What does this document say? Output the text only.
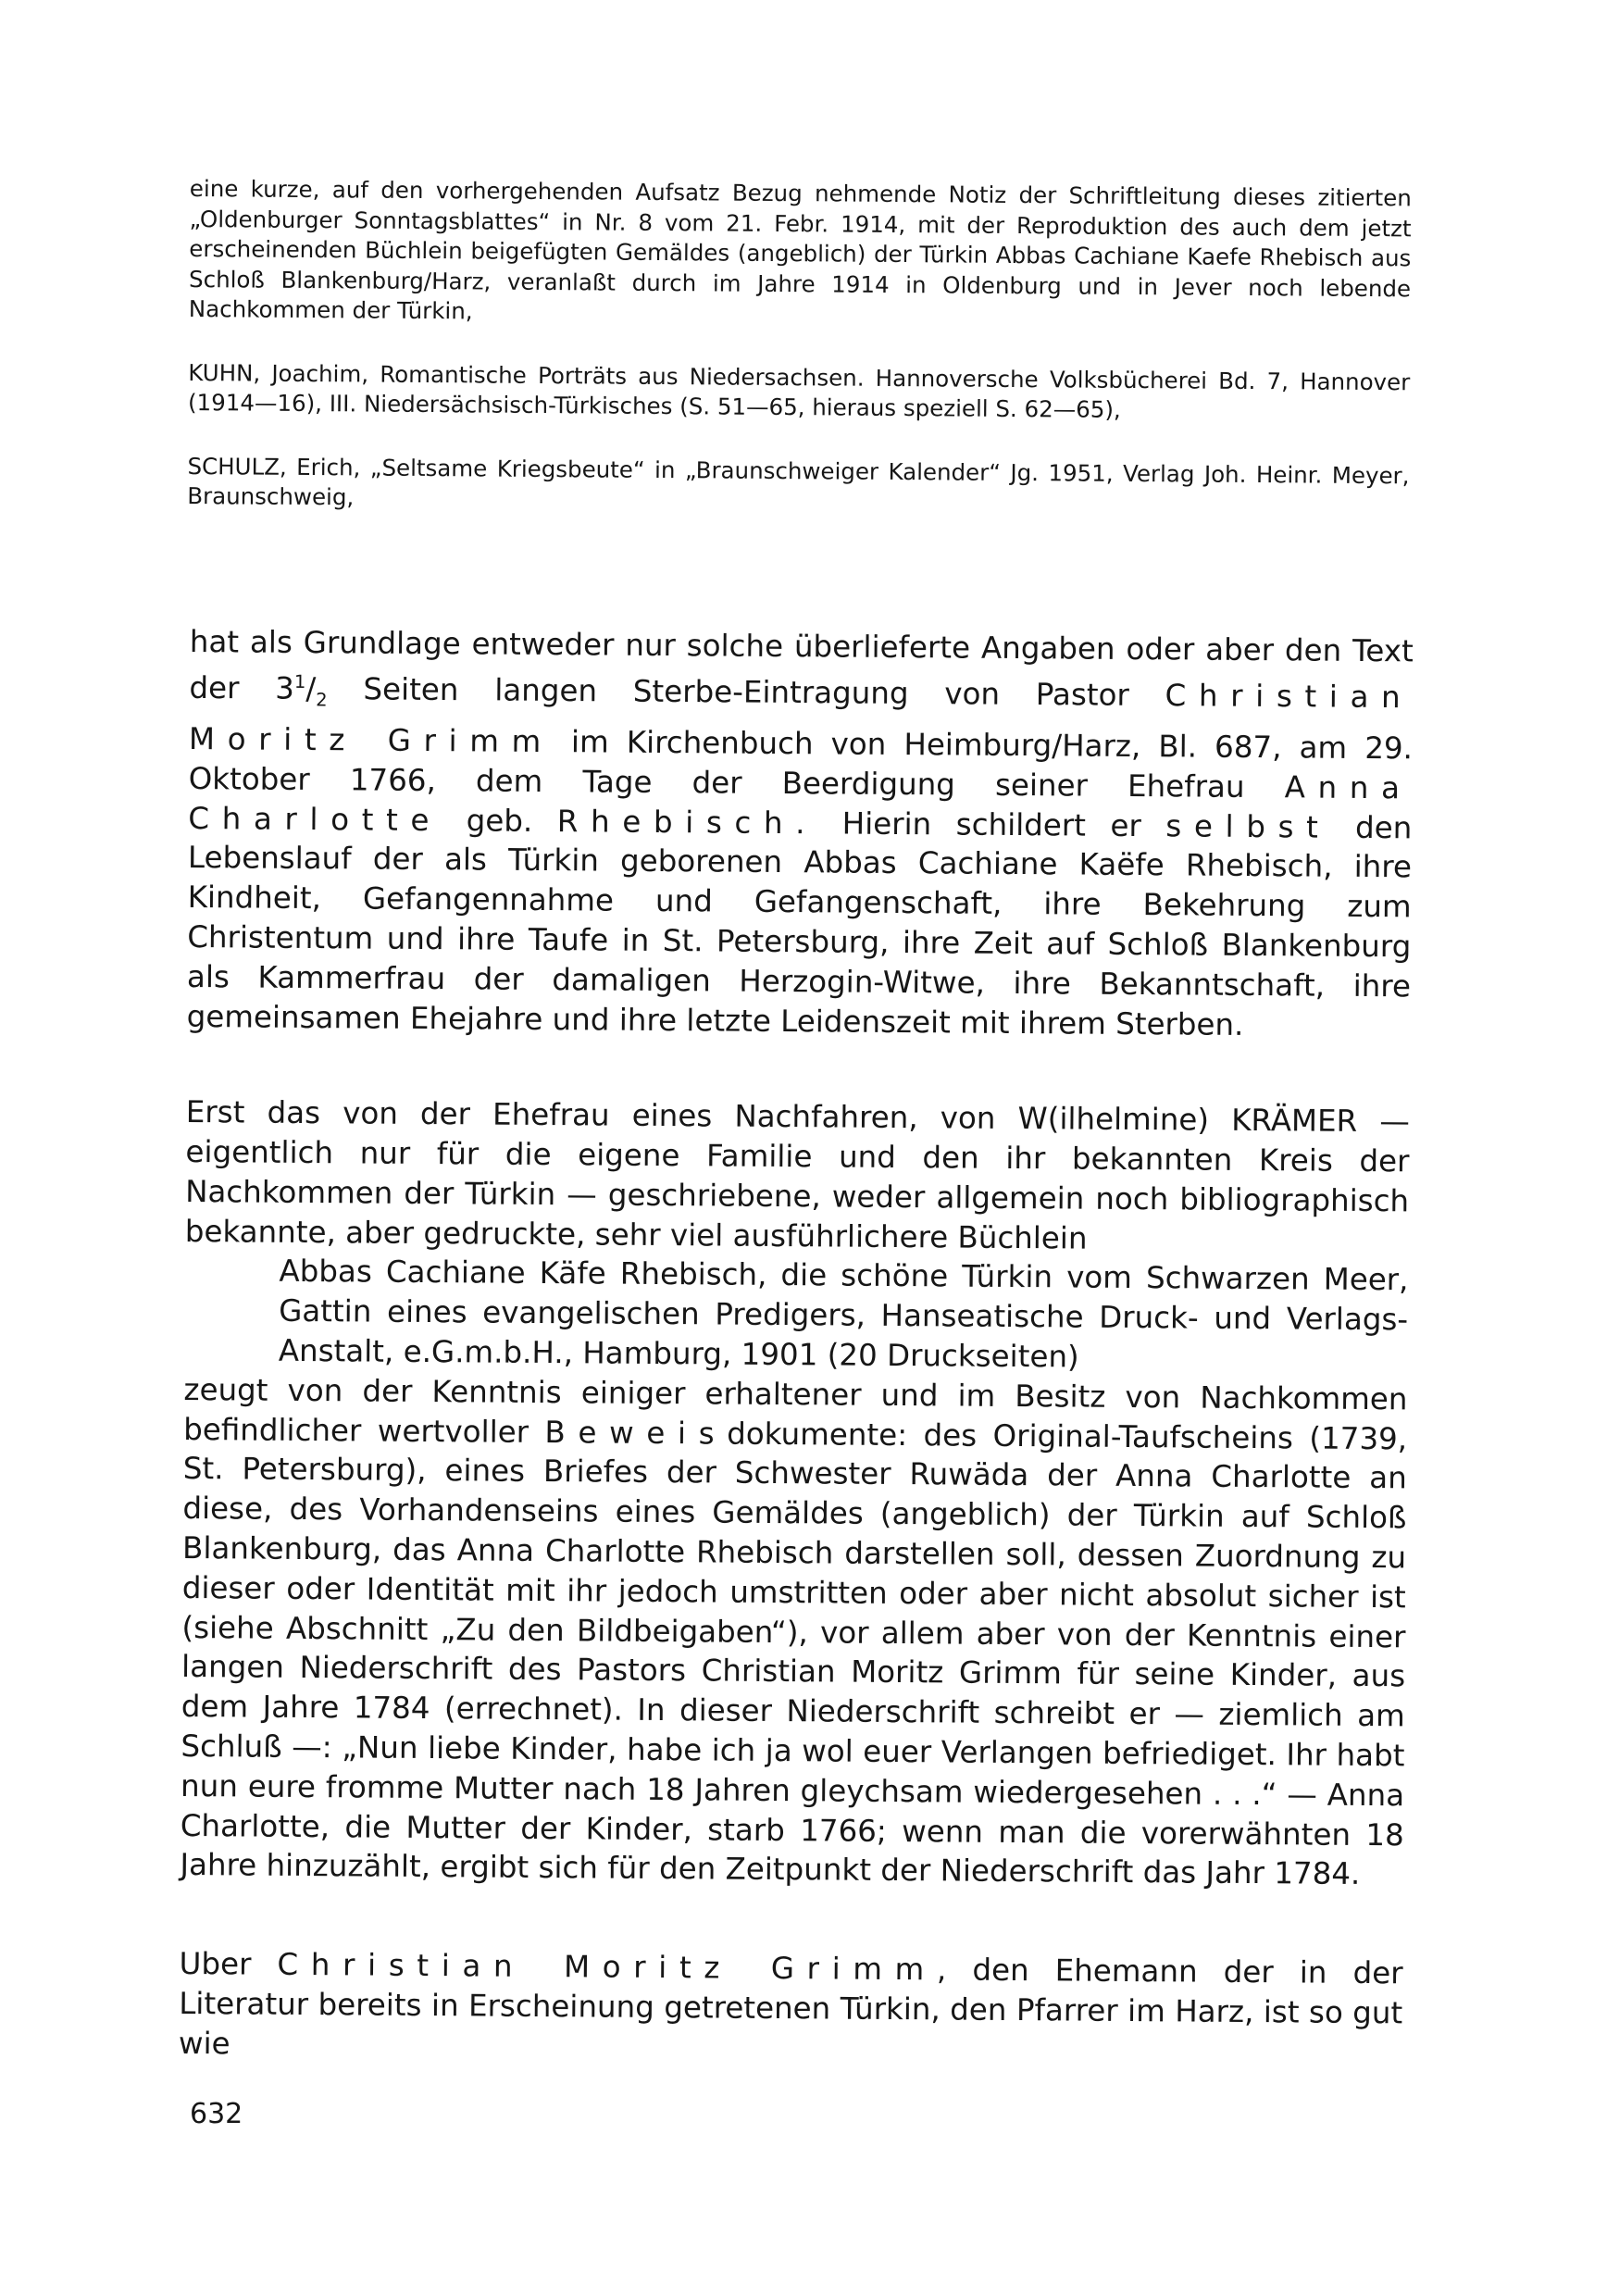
eine kurze, auf den vorhergehenden Aufsatz Bezug nehmende Notiz der Schriftleitung dieses zitierten „Oldenburger Sonntagsblattes“ in Nr. 8 vom 21. Febr. 1914, mit der Reproduktion des auch dem jetzt erscheinenden Büchlein beigefügten Gemäldes (angeblich) der Türkin Abbas Cachiane Kaefe Rhebisch aus Schloß Blankenburg/Harz, veranlaßt durch im Jahre 1914 in Oldenburg und in Jever noch lebende Nachkommen der Türkin,

KUHN, Joachim, Romantische Porträts aus Niedersachsen. Hannoversche Volksbücherei Bd. 7, Hannover (1914—16), III. Niedersächsisch-Türkisches (S. 51—65, hieraus speziell S. 62—65),

SCHULZ, Erich, „Seltsame Kriegsbeute“ in „Braunschweiger Kalender“ Jg. 1951, Verlag Joh. Heinr. Meyer, Braunschweig,

hat als Grundlage entweder nur solche überlieferte Angaben oder aber den Text der $3^1/_2$ Seiten langen Sterbe-Eintragung von Pastor Christian Moritz Grimm im Kirchenbuch von Heimburg/Harz, Bl. 687, am 29. Oktober 1766, dem Tage der Beerdigung seiner Ehefrau Anna Charlotte geb. Rhebisch. Hierin schildert er selbst den Lebenslauf der als Türkin geborenen Abbas Cachiane Kaëfe Rhebisch, ihre Kindheit, Gefangennahme und Gefangenschaft, ihre Bekehrung zum Christentum und ihre Taufe in St. Petersburg, ihre Zeit auf Schloß Blankenburg als Kammerfrau der damaligen Herzogin-Witwe, ihre Bekanntschaft, ihre gemeinsamen Ehejahre und ihre letzte Leidenszeit mit ihrem Sterben.

Erst das von der Ehefrau eines Nachfahren, von W(ilhelmine) KRÄMER — eigentlich nur für die eigene Familie und den ihr bekannten Kreis der Nachkommen der Türkin — geschriebene, weder allgemein noch bibliographisch bekannte, aber gedruckte, sehr viel ausführlichere Büchlein

Abbas Cachiane Käfe Rhebisch, die schöne Türkin vom Schwarzen Meer, Gattin eines evangelischen Predigers, Hanseatische Druck- und Verlags-Anstalt, e.G.m.b.H., Hamburg, 1901 (20 Druckseiten)

zeugt von der Kenntnis einiger erhaltener und im Besitz von Nachkommen befindlicher wertvoller Beweisdokumente: des Original-Taufscheins (1739, St. Petersburg), eines Briefes der Schwester Ruwäda der Anna Charlotte an diese, des Vorhandenseins eines Gemäldes (angeblich) der Türkin auf Schloß Blankenburg, das Anna Charlotte Rhebisch darstellen soll, dessen Zuordnung zu dieser oder Identität mit ihr jedoch umstritten oder aber nicht absolut sicher ist (siehe Abschnitt „Zu den Bildbeigaben“), vor allem aber von der Kenntnis einer langen Niederschrift des Pastors Christian Moritz Grimm für seine Kinder, aus dem Jahre 1784 (errechnet). In dieser Niederschrift schreibt er — ziemlich am Schluß —: „Nun liebe Kinder, habe ich ja wol euer Verlangen befriediget. Ihr habt nun eure fromme Mutter nach 18 Jahren gleychsam wiedergesehen . . .“ — Anna Charlotte, die Mutter der Kinder, starb 1766; wenn man die vorerwähnten 18 Jahre hinzuzählt, ergibt sich für den Zeitpunkt der Niederschrift das Jahr 1784.

Uber Christian Moritz Grimm, den Ehemann der in der Literatur bereits in Erscheinung getretenen Türkin, den Pfarrer im Harz, ist so gut wie

632
